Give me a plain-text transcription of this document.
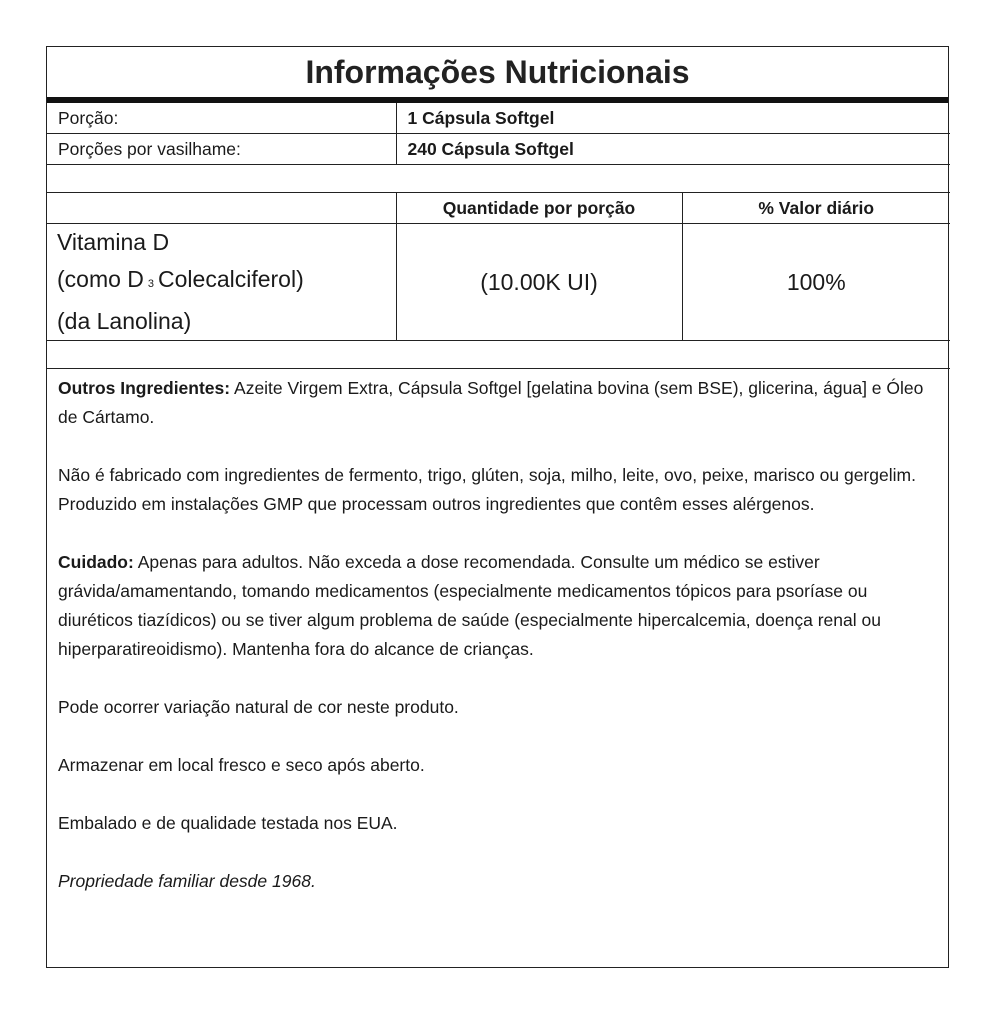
Informações Nutricionais
Porção:	1 Cápsula Softgel	
Porções por vasilhame:	240 Cápsula Softgel	

	Quantidade por porção	% Valor diário

Vitamina D
(como D 3 Colecalciferol)
(da Lanolina)	(10.00K UI)	100%

Outros Ingredientes: Azeite Virgem Extra, Cápsula Softgel [gelatina bovina (sem BSE), glicerina, água] e Óleo de Cártamo.

Não é fabricado com ingredientes de fermento, trigo, glúten, soja, milho, leite, ovo, peixe, marisco ou gergelim. Produzido em instalações GMP que processam outros ingredientes que contêm esses alérgenos.

Cuidado: Apenas para adultos. Não exceda a dose recomendada. Consulte um médico se estiver grávida/amamentando, tomando medicamentos (especialmente medicamentos tópicos para psoríase ou diuréticos tiazídicos) ou se tiver algum problema de saúde (especialmente hipercalcemia, doença renal ou hiperparatireoidismo). Mantenha fora do alcance de crianças.

Pode ocorrer variação natural de cor neste produto.

Armazenar em local fresco e seco após aberto.

Embalado e de qualidade testada nos EUA.

Propriedade familiar desde 1968.
